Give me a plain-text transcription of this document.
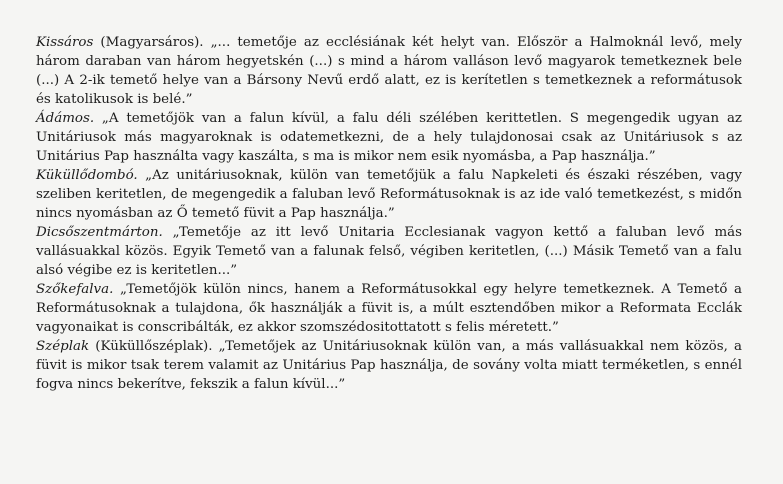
Kissáros (Magyarsáros). „... temetője az ecclésiának két helyt van. Először a Halmoknál levő, mely három daraban van három hegyetskén (...) s mind a három valláson levő magyarok temetkeznek bele (...) A 2-ik temető helye van a Bársony Nevű erdő alatt, ez is kerítetlen s temetkeznek a reformátusok és katolikusok is belé.”

Ádámos. „A temetőjök van a falun kívül, a falu déli szélében kerittetlen. S megengedik ugyan az Unitáriusok más magyaroknak is odatemetkezni, de a hely tulajdonosai csak az Unitáriusok s az Unitárius Pap használta vagy kaszálta, s ma is mikor nem esik nyomásba, a Pap használja.”

Küküllődombó. „Az unitáriusoknak, külön van temetőjük a falu Napkeleti és északi részében, vagy szeliben keritetlen, de megengedik a faluban levő Reformátusoknak is az ide való temetkezést, s midőn nincs nyomásban az Ő temető füvit a Pap használja.”

Dicsőszentmárton. „Temetője az itt levő Unitaria Ecclesianak vagyon kettő a faluban levő más vallásuakkal közös. Egyik Temető van a falunak felső, végiben keritetlen, (...) Másik Temető van a falu alsó végibe ez is keritetlen...”

Szőkefalva. „Temetőjök külön nincs, hanem a Reformátusokkal egy helyre temetkeznek. A Temető a Reformátusoknak a tulajdona, ők használják a füvit is, a múlt esztendőben mikor a Reformata Ecclák vagyonaikat is conscribálták, ez akkor szomszédositottatott s felis méretett.”

Széplak (Küküllőszéplak). „Temetőjek az Unitáriusoknak külön van, a más vallásuakkal nem közös, a füvit is mikor tsak terem valamit az Unitárius Pap használja, de sovány volta miatt terméketlen, s ennél fogva nincs bekerítve, fekszik a falun kívül...”
